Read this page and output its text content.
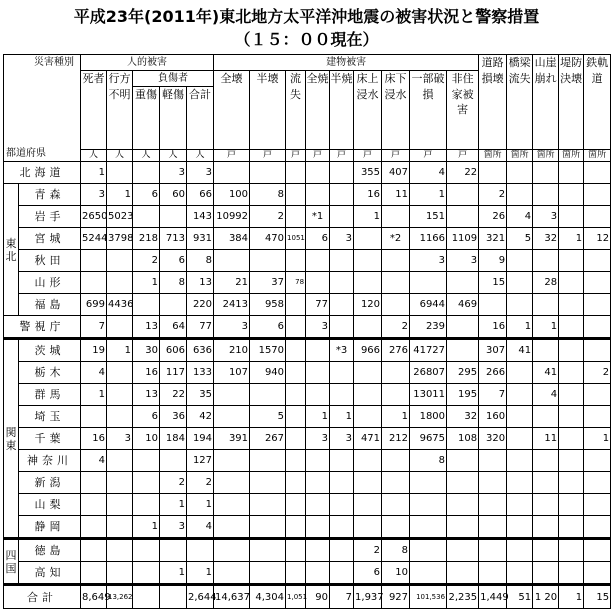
平成23年(2011年)東北地方太平洋沖地震の被害状況と警察措置
（１５：００現在）
災害種別
都道府県		人的被害					建物被害									道路損壊	橋梁流失	山崖崩れ	堤防決壊	鉄軌道
		死者	行方不明	負傷者			全壊	半壊	流失	全焼	半焼	床上浸水	床下浸水	一部破損	非住家被害					
				重傷	軽傷	合計														
		人	人	人	人	人	戸	戸	戸	戸	戸	戸	戸	戸	戸	箇所	箇所	箇所	箇所	箇所
北海道		1			3	3						355	407	4	22					
東北	青森	3	1	6	60	66	100	8				16	11	1		2				
	岩手	2650	5023			143	10992	2		*1		1		151		26	4	3		
	宮城	5244	3798	218	713	931	384	470	1051	6	3		*2	1166	1109	321	5	32	1	12
	秋田			2	6	8								3	3	9				
	山形			1	8	13	21	37	78							15		28		
	福島	699	4436			220	2413	958		77		120		6944	469					
警視庁		7		13	64	77	3	6		3			2	239		16	1	1		
関東	茨城	19	1	30	606	636	210	1570			*3	966	276	41727		307	41			
	栃木	4		16	117	133	107	940						26807	295	266		41		2
	群馬	1		13	22	35								13011	195	7		4		
	埼玉			6	36	42		5		1	1		1	1800	32	160				
	千葉	16	3	10	184	194	391	267		3	3	471	212	9675	108	320		11		1
	神奈川	4				127								8						
	新潟				2	2														
	山梨				1	1														
	静岡			1	3	4														
四国	徳島											2	8							
	高知				1	1						6	10							
合計		8,649	13,262			2,644	14,637	4,304	1,051	90	7	1,937	927	101,536	2,235	1,449	51	1 20	1	15
